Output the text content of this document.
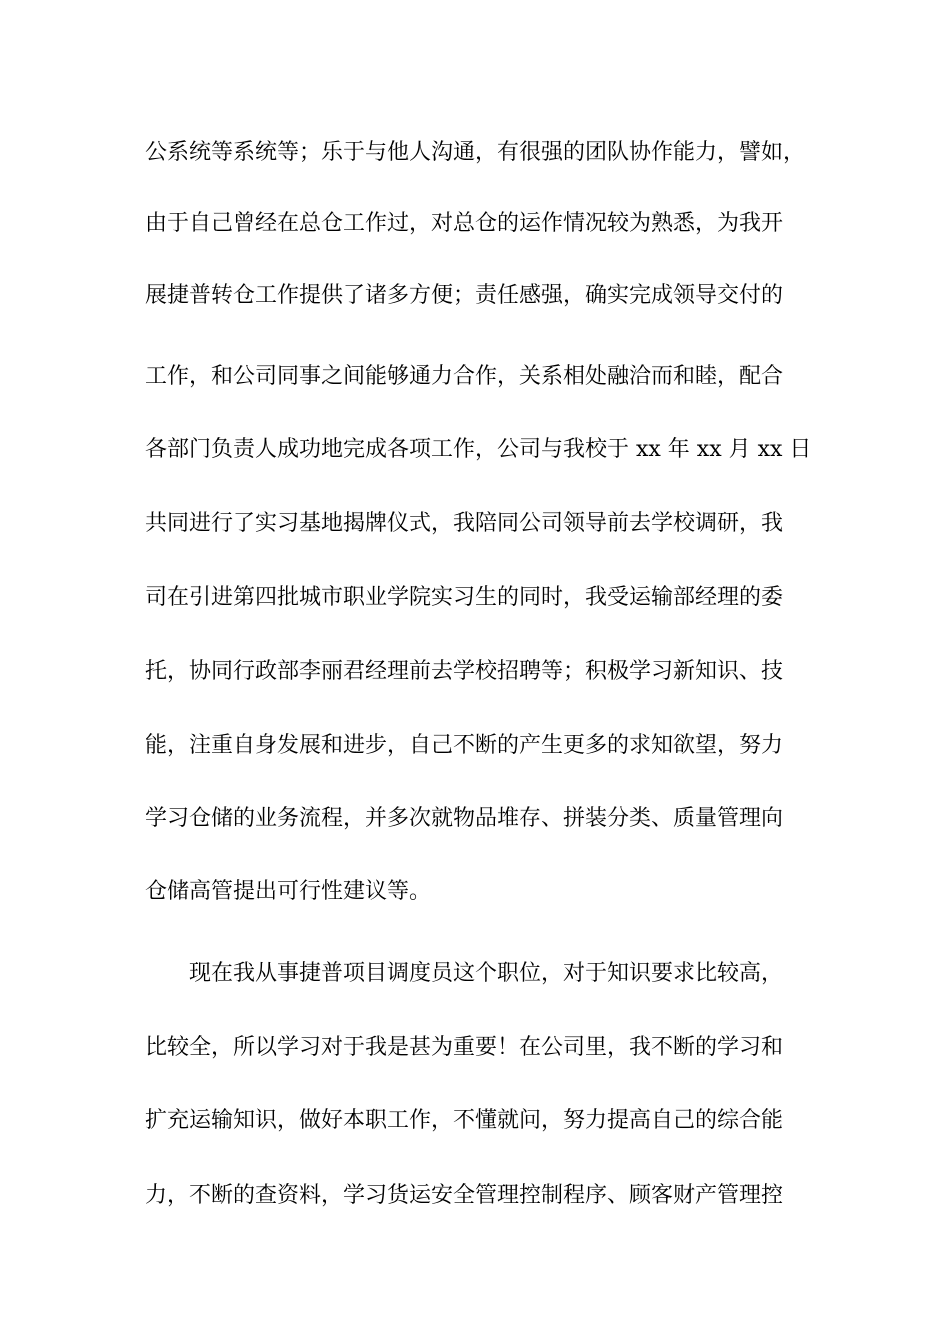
公系统等系统等；乐于与他人沟通，有很强的团队协作能力，譬如，
由于自己曾经在总仓工作过，对总仓的运作情况较为熟悉，为我开
展捷普转仓工作提供了诸多方便；责任感强，确实完成领导交付的
工作，和公司同事之间能够通力合作，关系相处融洽而和睦，配合
各部门负责人成功地完成各项工作，公司与我校于 xx 年 xx 月 xx 日
共同进行了实习基地揭牌仪式，我陪同公司领导前去学校调研，我
司在引进第四批城市职业学院实习生的同时，我受运输部经理的委
托，协同行政部李丽君经理前去学校招聘等；积极学习新知识、技
能，注重自身发展和进步，自己不断的产生更多的求知欲望，努力
学习仓储的业务流程，并多次就物品堆存、拼装分类、质量管理向
仓储高管提出可行性建议等。
现在我从事捷普项目调度员这个职位，对于知识要求比较高，
比较全，所以学习对于我是甚为重要！在公司里，我不断的学习和
扩充运输知识，做好本职工作，不懂就问，努力提高自己的综合能
力，不断的查资料，学习货运安全管理控制程序、顾客财产管理控
